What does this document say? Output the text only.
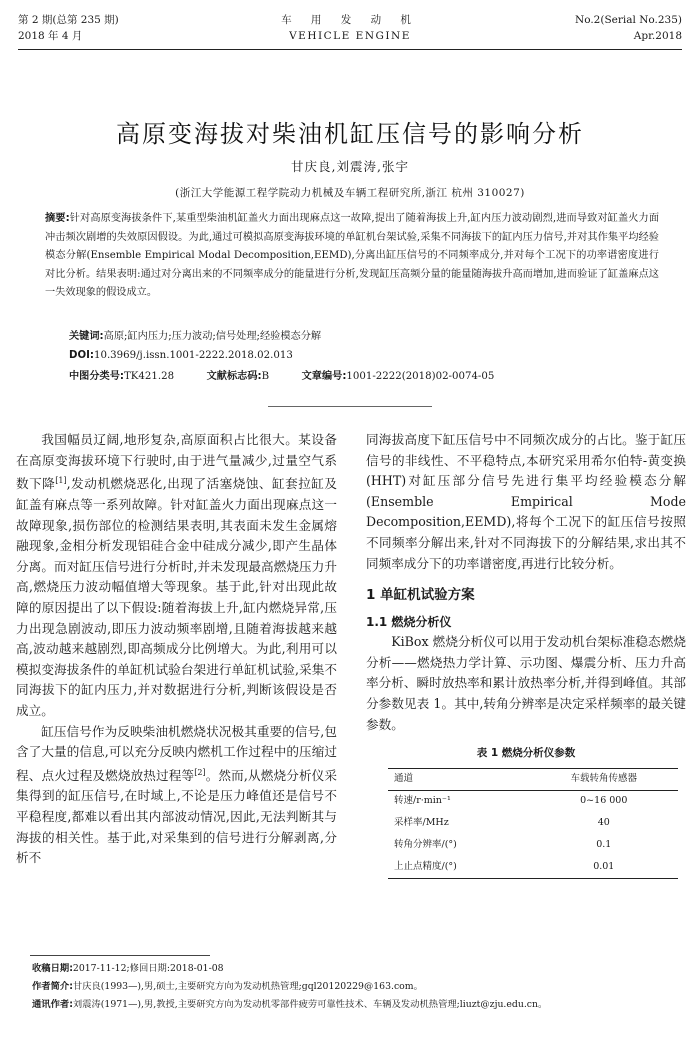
第 2 期(总第 235 期)
2018 年 4 月
车 用 发 动 机
VEHICLE ENGINE
No.2(Serial No.235)
Apr.2018
高原变海拔对柴油机缸压信号的影响分析
甘庆良,刘震涛,张宇
(浙江大学能源工程学院动力机械及车辆工程研究所,浙江 杭州 310027)
摘要:针对高原变海拔条件下,某重型柴油机缸盖火力面出现麻点这一故障,提出了随着海拔上升,缸内压力波动剧烈,进而导致对缸盖火力面冲击频次剧增的失效原因假设。为此,通过可模拟高原变海拔环境的单缸机台架试验,采集不同海拔下的缸内压力信号,并对其作集平均经验模态分解(Ensemble Empirical Modal Decomposition,EEMD),分离出缸压信号的不同频率成分,并对每个工况下的功率谱密度进行对比分析。结果表明:通过对分离出来的不同频率成分的能量进行分析,发现缸压高频分量的能量随海拔升高而增加,进而验证了缸盖麻点这一失效现象的假设成立。
关键词:高原;缸内压力;压力波动;信号处理;经验模态分解
DOI:10.3969/j.issn.1001-2222.2018.02.013
中图分类号:TK421.28	文献标志码:B	文章编号:1001-2222(2018)02-0074-05

我国幅员辽阔,地形复杂,高原面积占比很大。某设备在高原变海拔环境下行驶时,由于进气量减少,过量空气系数下降[1],发动机燃烧恶化,出现了活塞烧蚀、缸套拉缸及缸盖有麻点等一系列故障。针对缸盖火力面出现麻点这一故障现象,损伤部位的检测结果表明,其表面未发生金属熔融现象,金相分析发现铝硅合金中硅成分减少,即产生晶体分离。而对缸压信号进行分析时,并未发现最高燃烧压力升高,燃烧压力波动幅值增大等现象。基于此,针对出现此故障的原因提出了以下假设:随着海拔上升,缸内燃烧异常,压力出现急剧波动,即压力波动频率剧增,且随着海拔越来越高,波动越来越剧烈,即高频成分比例增大。为此,利用可以模拟变海拔条件的单缸机试验台架进行单缸机试验,采集不同海拔下的缸内压力,并对数据进行分析,判断该假设是否成立。

缸压信号作为反映柴油机燃烧状况极其重要的信号,包含了大量的信息,可以充分反映内燃机工作过程中的压缩过程、点火过程及燃烧放热过程等[2]。然而,从燃烧分析仪采集得到的缸压信号,在时域上,不论是压力峰值还是信号不平稳程度,都难以看出其内部波动情况,因此,无法判断其与海拔的相关性。基于此,对采集到的信号进行分解剥离,分析不

同海拔高度下缸压信号中不同频次成分的占比。鉴于缸压信号的非线性、不平稳特点,本研究采用希尔伯特-黄变换(HHT)对缸压部分信号先进行集平均经验模态分解(Ensemble Empirical Mode Decomposition,EEMD),将每个工况下的缸压信号按照不同频率分解出来,针对不同海拔下的分解结果,求出其不同频率成分下的功率谱密度,再进行比较分析。

1 单缸机试验方案
1.1 燃烧分析仪

KiBox 燃烧分析仪可以用于发动机台架标准稳态燃烧分析——燃烧热力学计算、示功图、爆震分析、压力升高率分析、瞬时放热率和累计放热率分析,并得到峰值。其部分参数见表 1。其中,转角分辨率是决定采样频率的最关键参数。

表 1 燃烧分析仪参数
通道	车载转角传感器
转速/r·min⁻¹	0~16 000
采样率/MHz	40
转角分辨率/(°)	0.1
上止点精度/(°)	0.01
收稿日期:2017-11-12;修回日期:2018-01-08
作者简介:甘庆良(1993—),男,硕士,主要研究方向为发动机热管理;gql20120229@163.com。
通讯作者:刘震涛(1971—),男,教授,主要研究方向为发动机零部件疲劳可靠性技术、车辆及发动机热管理;liuzt@zju.edu.cn。
